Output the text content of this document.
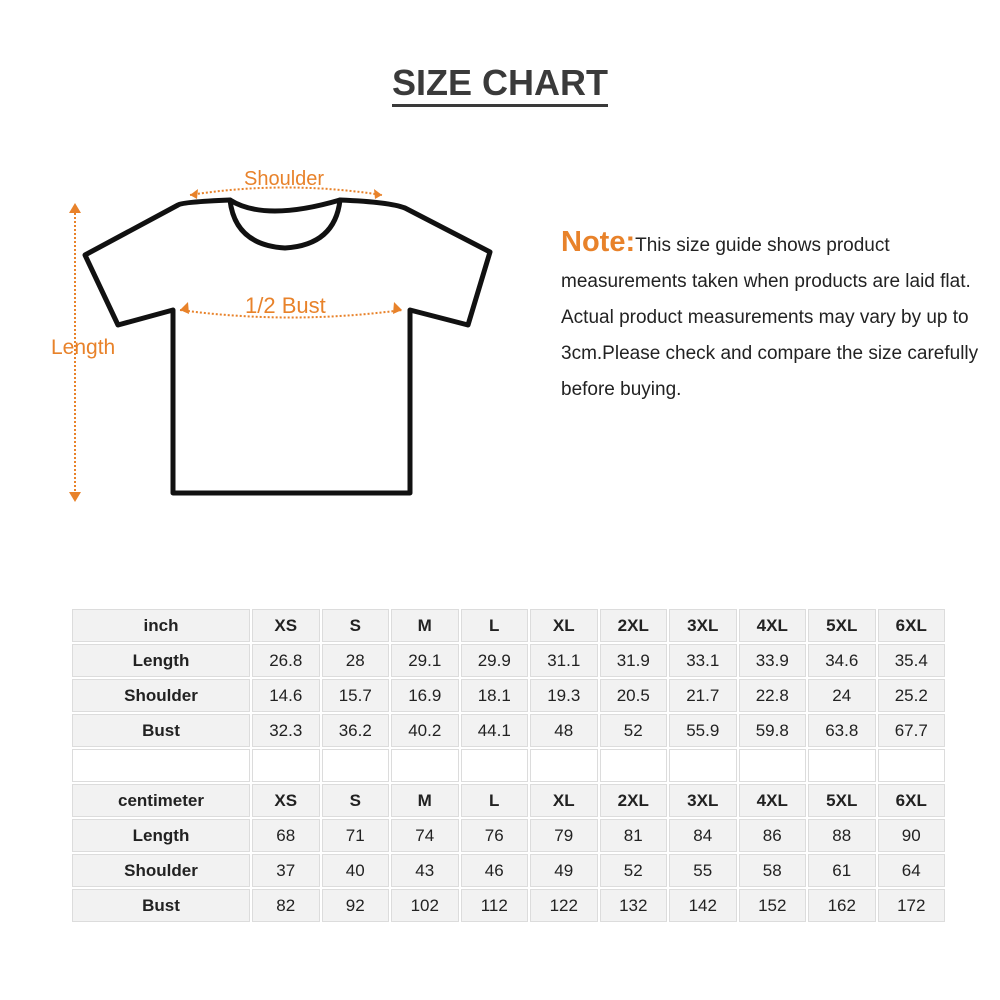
SIZE CHART
Shoulder
1/2 Bust
Length
Note:This size guide shows product measurements taken when products are laid flat. Actual product measurements may vary by up to 3cm.Please check and compare the size carefully before buying.
inch	XS	S	M	L	XL	2XL	3XL	4XL	5XL	6XL
Length	26.8	28	29.1	29.9	31.1	31.9	33.1	33.9	34.6	35.4
Shoulder	14.6	15.7	16.9	18.1	19.3	20.5	21.7	22.8	24	25.2
Bust	32.3	36.2	40.2	44.1	48	52	55.9	59.8	63.8	67.7

centimeter	XS	S	M	L	XL	2XL	3XL	4XL	5XL	6XL
Length	68	71	74	76	79	81	84	86	88	90
Shoulder	37	40	43	46	49	52	55	58	61	64
Bust	82	92	102	112	122	132	142	152	162	172
